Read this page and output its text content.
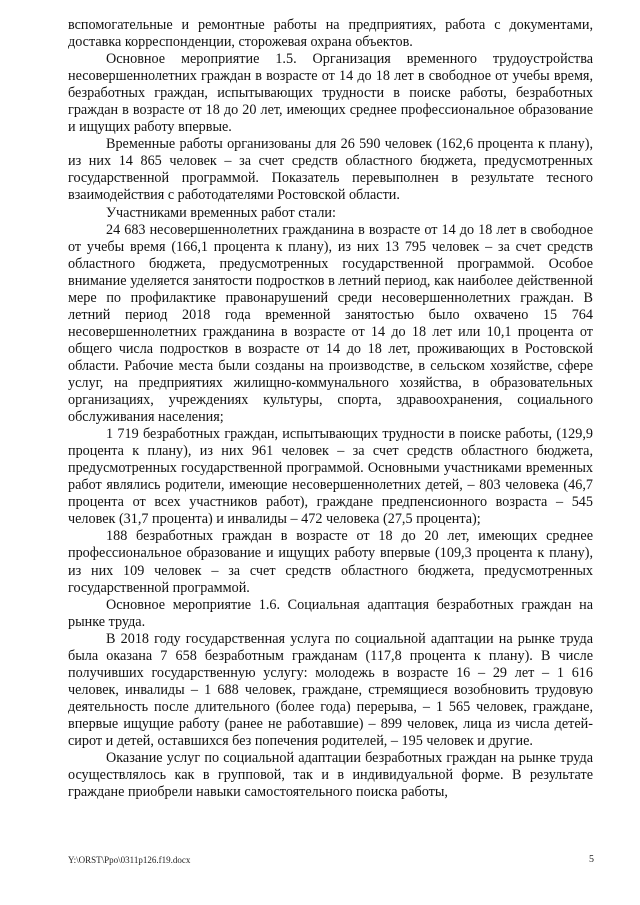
вспомогательные и ремонтные работы на предприятиях, работа с документами, доставка корреспонденции, сторожевая охрана объектов.

Основное мероприятие 1.5. Организация временного трудоустройства несовершеннолетних граждан в возрасте от 14 до 18 лет в свободное от учебы время, безработных граждан, испытывающих трудности в поиске работы, безработных граждан в возрасте от 18 до 20 лет, имеющих среднее профессиональное образование и ищущих работу впервые.

Временные работы организованы для 26 590 человек (162,6 процента к плану), из них 14 865 человек – за счет средств областного бюджета, предусмотренных государственной программой. Показатель перевыполнен в результате тесного взаимодействия с работодателями Ростовской области.

Участниками временных работ стали:

24 683 несовершеннолетних гражданина в возрасте от 14 до 18 лет в свободное от учебы время (166,1 процента к плану), из них 13 795 человек – за счет средств областного бюджета, предусмотренных государственной программой. Особое внимание уделяется занятости подростков в летний период, как наиболее действенной мере по профилактике правонарушений среди несовершеннолетних граждан. В летний период 2018 года временной занятостью было охвачено 15 764 несовершеннолетних гражданина в возрасте от 14 до 18 лет или 10,1 процента от общего числа подростков в возрасте от 14 до 18 лет, проживающих в Ростовской области. Рабочие места были созданы на производстве, в сельском хозяйстве, сфере услуг, на предприятиях жилищно-коммунального хозяйства, в образовательных организациях, учреждениях культуры, спорта, здравоохранения, социального обслуживания населения;

1 719 безработных граждан, испытывающих трудности в поиске работы, (129,9 процента к плану), из них 961 человек – за счет средств областного бюджета, предусмотренных государственной программой. Основными участниками временных работ являлись родители, имеющие несовершеннолетних детей, – 803 человека (46,7 процента от всех участников работ), граждане предпенсионного возраста – 545 человек (31,7 процента) и инвалиды – 472 человека (27,5 процента);

188 безработных граждан в возрасте от 18 до 20 лет, имеющих среднее профессиональное образование и ищущих работу впервые (109,3 процента к плану), из них 109 человек – за счет средств областного бюджета, предусмотренных государственной программой.

Основное мероприятие 1.6. Социальная адаптация безработных граждан на рынке труда.

В 2018 году государственная услуга по социальной адаптации на рынке труда была оказана 7 658 безработным гражданам (117,8 процента к плану). В числе получивших государственную услугу: молодежь в возрасте 16 – 29 лет – 1 616 человек, инвалиды – 1 688 человек, граждане, стремящиеся возобновить трудовую деятельность после длительного (более года) перерыва, – 1 565 человек, граждане, впервые ищущие работу (ранее не работавшие) – 899 человек, лица из числа детей-сирот и детей, оставшихся без попечения родителей, – 195 человек и другие.

Оказание услуг по социальной адаптации безработных граждан на рынке труда осуществлялось как в групповой, так и в индивидуальной форме. В результате граждане приобрели навыки самостоятельного поиска работы,

Y:\ORST\Ppo\0311p126.f19.docx	5
